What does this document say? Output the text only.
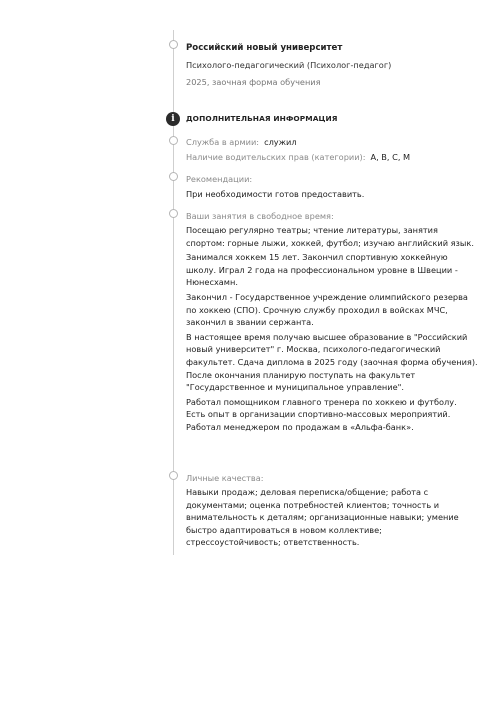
Российский новый университет
Психолого-педагогический (Психолог-педагог)
2025, заочная форма обучения
i	ДОПОЛНИТЕЛЬНАЯ ИНФОРМАЦИЯ
Служба в армии: служил
Наличие водительских прав (категории): A, B, C, M
Рекомендации:
При необходимости готов предоставить.
Ваши занятия в свободное время:
Посещаю регулярно театры; чтение литературы, занятия спортом: горные лыжи, хоккей, футбол; изучаю английский язык.
Занимался хоккем 15 лет. Закончил спортивную хоккейную школу. Играл 2 года на профессиональном уровне в Швеции - Нюнесхамн.
Закончил - Государственное учреждение олимпийского резерва по хоккею (СПО). Срочную службу проходил в войсках МЧС, закончил в звании сержанта.
В настоящее время получаю высшее образование в "Российский новый университет" г. Москва, психолого-педагогический факультет. Сдача диплома в 2025 году (заочная форма обучения). После окончания планирую поступать на факультет "Государственное и муниципальное управление".
Работал помощником главного тренера по хоккею и футболу. Есть опыт в организации спортивно-массовых мероприятий. Работал менеджером по продажам в «Альфа-банк».
Личные качества:
Навыки продаж; деловая переписка/общение; работа с документами; оценка потребностей клиентов; точность и внимательность к деталям; организационные навыки; умение быстро адаптироваться в новом коллективе; стрессоустойчивость; ответственность.
